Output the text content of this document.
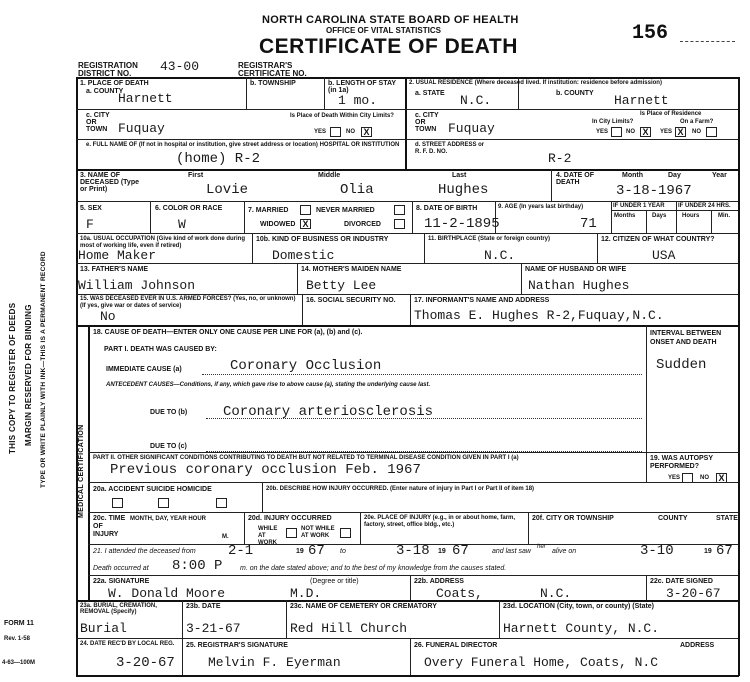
THIS COPY TO REGISTER OF DEEDS MARGIN RESERVED FOR BINDING TYPE OR WRITE PLAINLY WITH INK—THIS IS A PERMANENT RECORD
FORM 11
Rev. 1-58
4-63—100M
NORTH CAROLINA STATE BOARD OF HEALTH
OFFICE OF VITAL STATISTICS
CERTIFICATE OF DEATH
156
REGISTRATION DISTRICT NO.	43-00	REGISTRAR'S CERTIFICATE NO.
1. PLACE OF DEATH
a. COUNTY
Harnett
b. TOWNSHIP	b. LENGTH OF STAY (in 1a)
1 mo.
c. CITY OR TOWN Fuquay
Is Place of Death Within City Limits?
YES	NO X
e. FULL NAME OF (If not in hospital or institution, give street address or location) HOSPITAL OR INSTITUTION
(home) R-2
2. USUAL RESIDENCE (Where deceased lived. If institution: residence before admission)
a. STATE N.C.	b. COUNTY Harnett
c. CITY OR TOWN Fuquay
Is Place of Residence
In City Limits?	On a Farm?
YES	NO X	YES X	NO
d. STREET ADDRESS or R. F. D. NO.	R-2
3. NAME OF DECEASED (Type or Print)
First	Middle	Last
Lovie	Olia	Hughes
4. DATE OF DEATH
Month	Day	Year
3-18-1967
5. SEX
F
6. COLOR OR RACE
W
7. MARRIED	NEVER MARRIED
WIDOWED X	DIVORCED
8. DATE OF BIRTH
11-2-1895
9. AGE (In years last birthday)
71
IF UNDER 1 YEAR IF UNDER 24 HRS.
Months	Days	Hours	Min.
10a. USUAL OCCUPATION (Give kind of work done during most of working life, even if retired)
Home Maker
10b. KIND OF BUSINESS OR INDUSTRY
Domestic
11. BIRTHPLACE (State or foreign country)
N.C.
12. CITIZEN OF WHAT COUNTRY?
USA
13. FATHER'S NAME
William Johnson
14. MOTHER'S MAIDEN NAME
Betty Lee
NAME OF HUSBAND OR WIFE
Nathan Hughes
15. WAS DECEASED EVER IN U.S. ARMED FORCES? (Yes, no, or unknown) (If yes, give war or dates of service)
No
16. SOCIAL SECURITY NO.	17. INFORMANT'S NAME AND ADDRESS
Thomas E. Hughes R-2,Fuquay,N.C.
MEDICAL CERTIFICATION
18. CAUSE OF DEATH—ENTER ONLY ONE CAUSE PER LINE FOR (a), (b) and (c).	INTERVAL BETWEEN ONSET AND DEATH
PART I. DEATH WAS CAUSED BY:
IMMEDIATE CAUSE (a)	Coronary Occlusion	Sudden
ANTECEDENT CAUSES—Conditions, if any, which gave rise to above cause (a), stating the underlying cause last.
DUE TO (b)	Coronary arteriosclerosis
DUE TO (c)
PART II. OTHER SIGNIFICANT CONDITIONS CONTRIBUTING TO DEATH BUT NOT RELATED TO TERMINAL DISEASE CONDITION GIVEN IN PART I (a)
Previous coronary occlusion Feb. 1967
19. WAS AUTOPSY PERFORMED?
YES	NO X
20a. ACCIDENT SUICIDE HOMICIDE	20b. DESCRIBE HOW INJURY OCCURRED. (Enter nature of injury in Part I or Part II of item 18)
20c. TIME OF INJURY
MONTH, DAY, YEAR HOUR
M.
20d. INJURY OCCURRED
WHILE AT WORK
NOT WHILE AT WORK
20e. PLACE OF INJURY (e.g., in or about home, farm, factory, street, office bldg., etc.)
20f. CITY OR TOWNSHIP	COUNTY	STATE
21. I attended the deceased from 2-1	19 67 to	3-18 19 67	and last saw
her
alive on	3-10	19 67
Death occurred at 8:00 P	m. on the date stated above; and to the best of my knowledge from the causes stated.
22a. SIGNATURE	(Degree or title)
W. Donald Moore	M.D.
22b. ADDRESS
Coats,	N.C.
22c. DATE SIGNED
3-20-67
23a. BURIAL, CREMATION, REMOVAL (Specify)
Burial
23b. DATE
3-21-67
23c. NAME OF CEMETERY OR CREMATORY
Red Hill Church
23d. LOCATION (City, town, or county) (State)
Harnett County, N.C.
24. DATE REC'D BY LOCAL REG.
3-20-67
25. REGISTRAR'S SIGNATURE
Melvin F. Eyerman
26. FUNERAL DIRECTOR	ADDRESS
Overy Funeral Home, Coats, N.C
